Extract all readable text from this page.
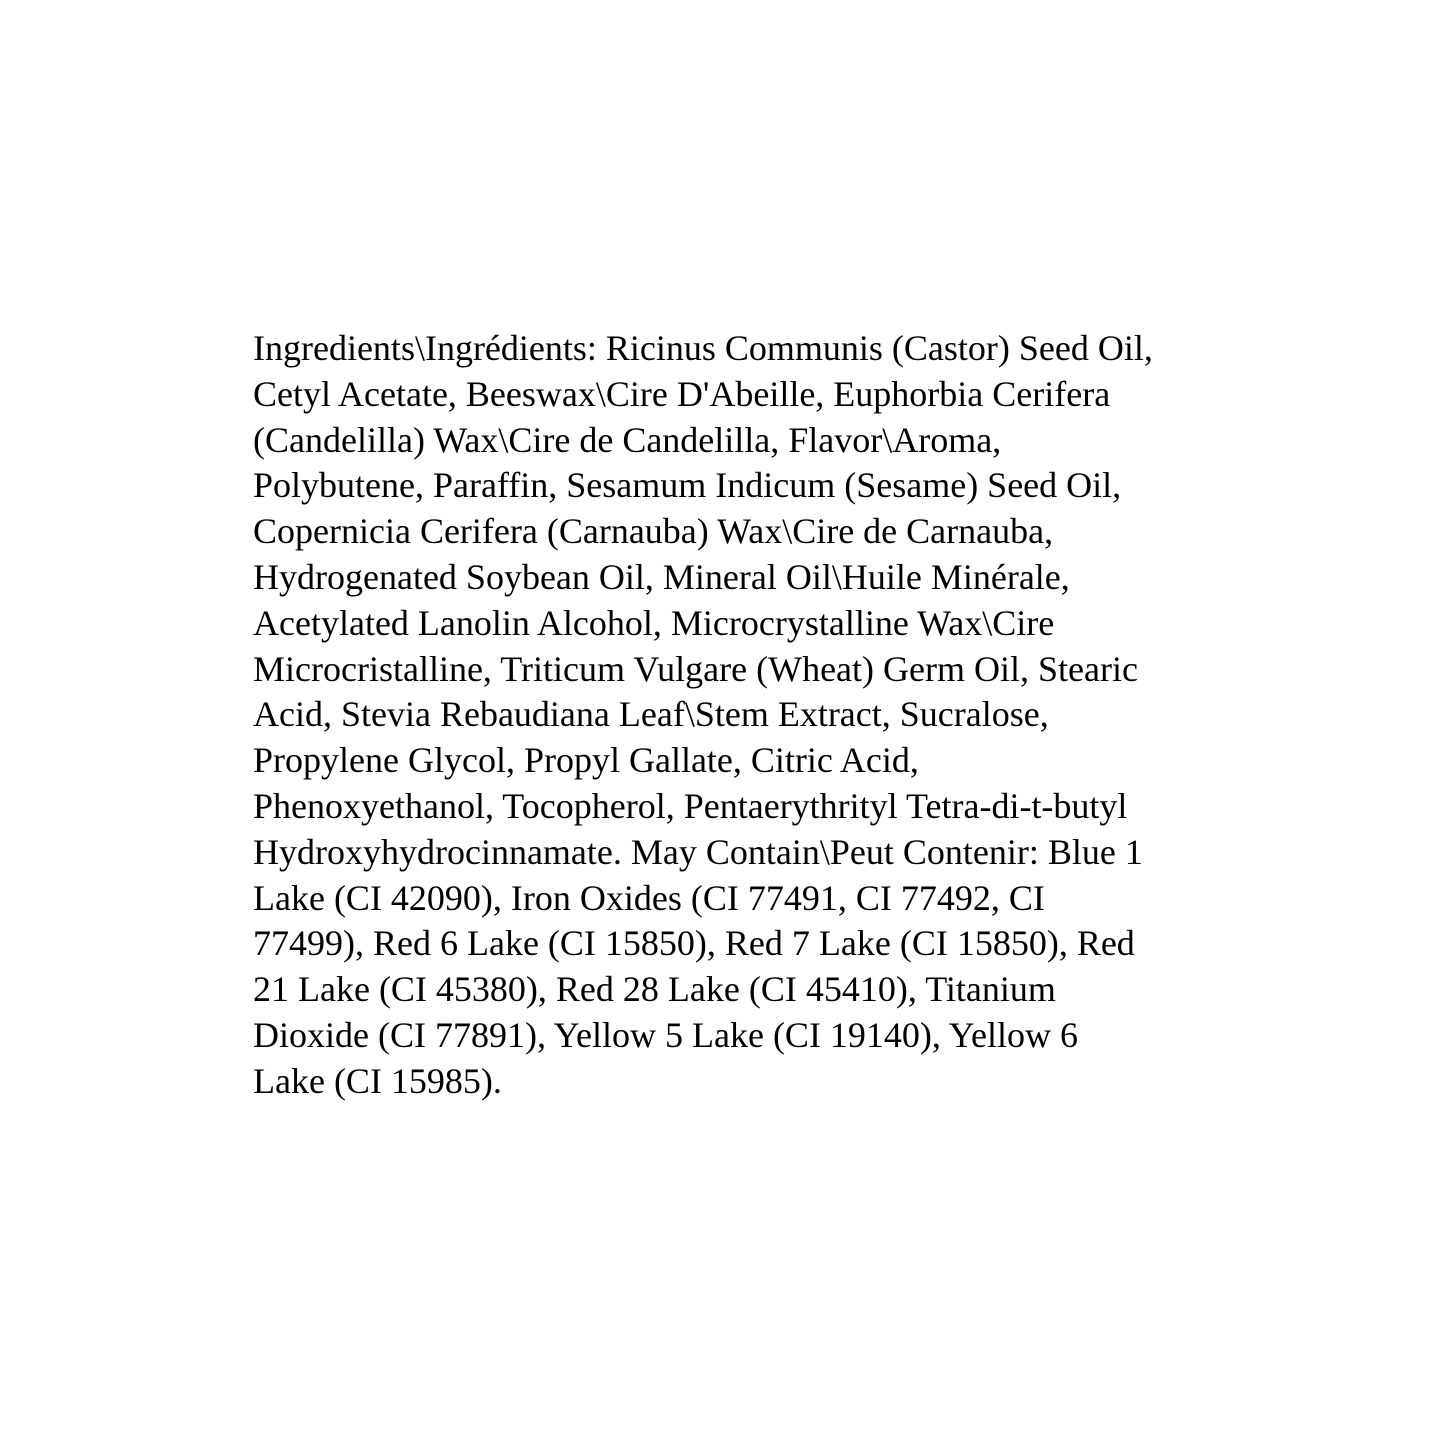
Ingredients\Ingrédients: Ricinus Communis (Castor) Seed Oil,
Cetyl Acetate, Beeswax\Cire D'Abeille, Euphorbia Cerifera
(Candelilla) Wax\Cire de Candelilla, Flavor\Aroma,
Polybutene, Paraffin, Sesamum Indicum (Sesame) Seed Oil,
Copernicia Cerifera (Carnauba) Wax\Cire de Carnauba,
Hydrogenated Soybean Oil, Mineral Oil\Huile Minérale,
Acetylated Lanolin Alcohol, Microcrystalline Wax\Cire
Microcristalline, Triticum Vulgare (Wheat) Germ Oil, Stearic
Acid, Stevia Rebaudiana Leaf\Stem Extract, Sucralose,
Propylene Glycol, Propyl Gallate, Citric Acid,
Phenoxyethanol, Tocopherol, Pentaerythrityl Tetra-di-t-butyl
Hydroxyhydrocinnamate. May Contain\Peut Contenir: Blue 1
Lake (CI 42090), Iron Oxides (CI 77491, CI 77492, CI
77499), Red 6 Lake (CI 15850), Red 7 Lake (CI 15850), Red
21 Lake (CI 45380), Red 28 Lake (CI 45410), Titanium
Dioxide (CI 77891), Yellow 5 Lake (CI 19140), Yellow 6
Lake (CI 15985).
